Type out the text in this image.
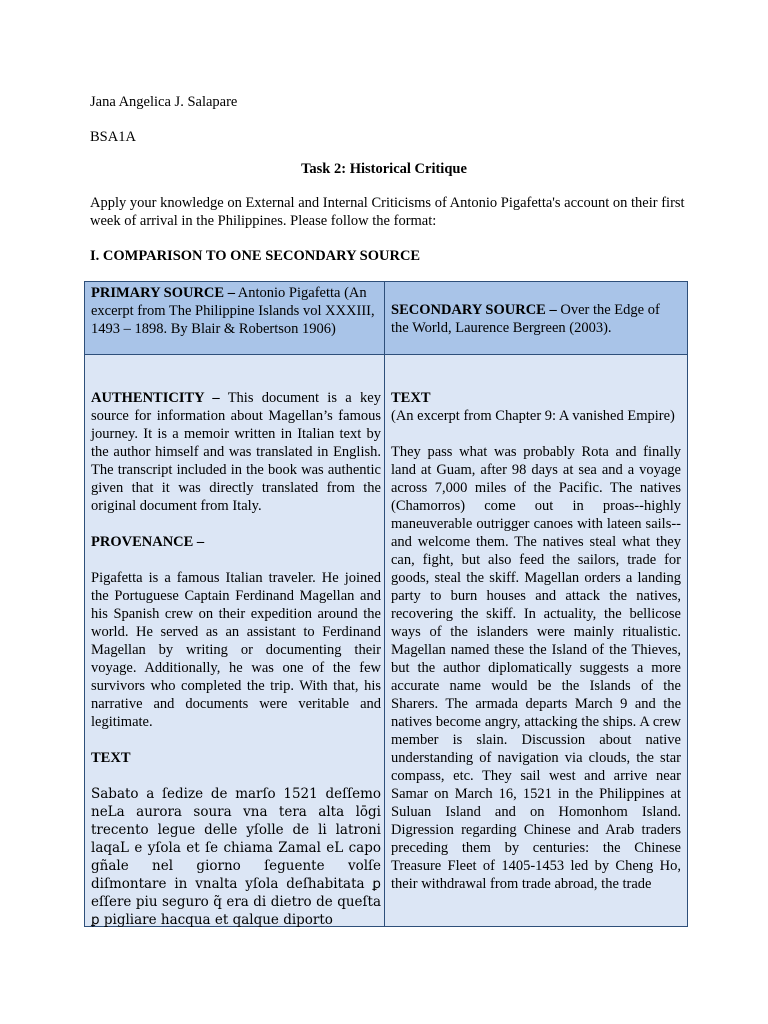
Jana Angelica J. Salapare
BSA1A
Task 2: Historical Critique
Apply your knowledge on External and Internal Criticisms of Antonio Pigafetta's account on their first week of arrival in the Philippines. Please follow the format:
I. COMPARISON TO ONE SECONDARY SOURCE
PRIMARY SOURCE – Antonio Pigafetta (An excerpt from The Philippine Islands vol XXXIII, 1493 – 1898. By Blair & Robertson 1906)
SECONDARY SOURCE – Over the Edge of the World, Laurence Bergreen (2003).

AUTHENTICITY – This document is a key source for information about Magellan’s famous journey. It is a memoir written in Italian text by the author himself and was translated in English. The transcript included in the book was authentic given that it was directly translated from the original document from Italy.

PROVENANCE –

Pigafetta is a famous Italian traveler. He joined the Portuguese Captain Ferdinand Magellan and his Spanish crew on their expedition around the world. He served as an assistant to Ferdinand Magellan by writing or documenting their voyage. Additionally, he was one of the few survivors who completed the trip. With that, his narrative and documents were veritable and legitimate.

TEXT

Sabato a ſedize de marſo 1521 deſſemo neLa aurora soura vna tera alta lōgi trecento legue delle yſolle de li latroni laqaL e yſola et ſe chiama Zamal eL capo gñale nel giorno ſeguente volſe diſmontare in vnalta yſola deſhabitata ꝑ eſſere piu seguro q̃ era di dietro de queſta ꝑ pigliare hacqua et qalque diporto

TEXT

(An excerpt from Chapter 9: A vanished Empire)

They pass what was probably Rota and finally land at Guam, after 98 days at sea and a voyage across 7,000 miles of the Pacific. The natives (Chamorros) come out in proas--highly maneuverable outrigger canoes with lateen sails--and welcome them. The natives steal what they can, fight, but also feed the sailors, trade for goods, steal the skiff. Magellan orders a landing party to burn houses and attack the natives, recovering the skiff. In actuality, the bellicose ways of the islanders were mainly ritualistic. Magellan named these the Island of the Thieves, but the author diplomatically suggests a more accurate name would be the Islands of the Sharers. The armada departs March 9 and the natives become angry, attacking the ships. A crew member is slain. Discussion about native understanding of navigation via clouds, the star compass, etc. They sail west and arrive near Samar on March 16, 1521 in the Philippines at Suluan Island and on Homonhom Island. Digression regarding Chinese and Arab traders preceding them by centuries: the Chinese Treasure Fleet of 1405-1453 led by Cheng Ho, their withdrawal from trade abroad, the trade
